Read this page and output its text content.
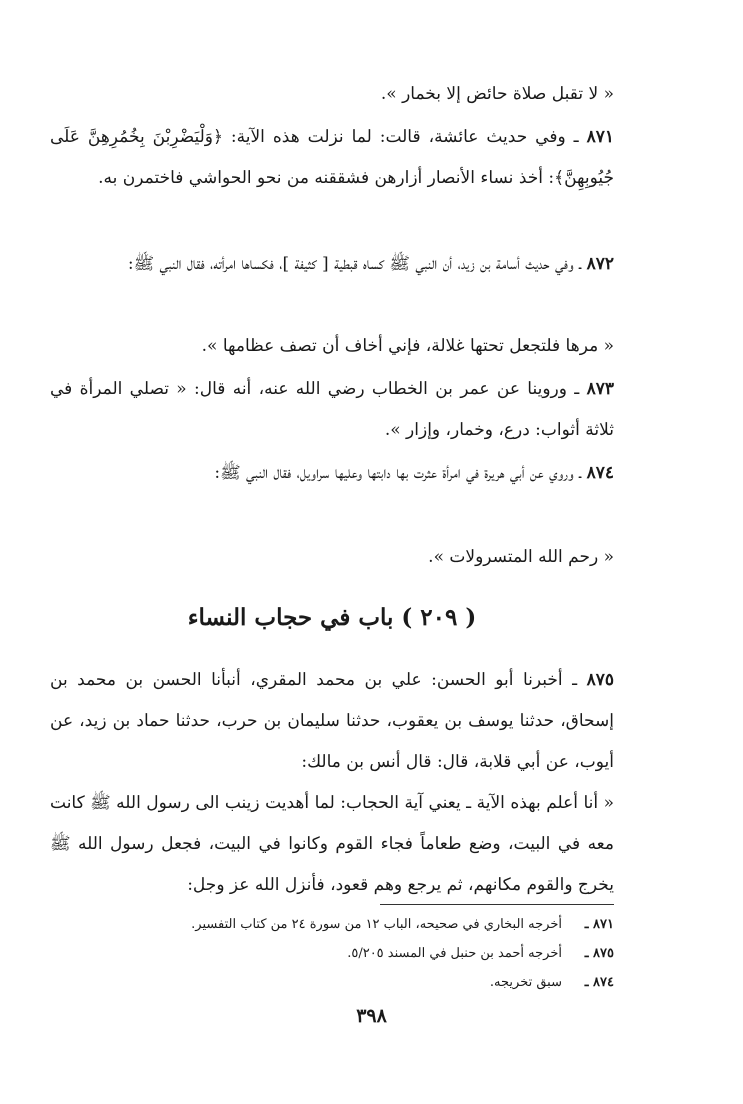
« لا تقبل صلاة حائض إلا بخمار ».
٨٧١ ـ وفي حديث عائشة، قالت: لما نزلت هذه الآية: ﴿وَلْيَضْرِبْنَ بِخُمُرِهِنَّ عَلَى جُيُوبِهِنَّ﴾: أخذ نساء الأنصار أزارهن فشققنه من نحو الحواشي فاختمرن به.
٨٧٢ ـ وفي حديث أسامة بن زيد، أن النبي ﷺ كساه قبطية [ كثيفة ]، فكساها امرأته، فقال النبي ﷺ:
« مرها فلتجعل تحتها غلالة، فإني أخاف أن تصف عظامها ».
٨٧٣ ـ وروينا عن عمر بن الخطاب رضي الله عنه، أنه قال: « تصلي المرأة في ثلاثة أثواب: درع، وخمار، وإزار ».
٨٧٤ ـ وروي عن أبي هريرة في امرأة عثرت بها دابتها وعليها سراويل، فقال النبي ﷺ:
« رحم الله المتسرولات ».
( ٢٠٩ ) باب في حجاب النساء
٨٧٥ ـ أخبرنا أبو الحسن: علي بن محمد المقري، أنبأنا الحسن بن محمد بن إسحاق، حدثنا يوسف بن يعقوب، حدثنا سليمان بن حرب، حدثنا حماد بن زيد، عن أيوب، عن أبي قلابة، قال: قال أنس بن مالك:
« أنا أعلم بهذه الآية ـ يعني آية الحجاب: لما أهديت زينب الى رسول الله ﷺ كانت معه في البيت، وضع طعاماً فجاء القوم وكانوا في البيت، فجعل رسول الله ﷺ يخرج والقوم مكانهم، ثم يرجع وهم قعود، فأنزل الله عز وجل:
٨٧١ ـ
أخرجه البخاري في صحيحه، الباب ١٢ من سورة ٢٤ من كتاب التفسير.
٨٧٥ ـ
أخرجه أحمد بن حنبل في المسند ٥/٢٠٥.
٨٧٤ ـ
سبق تخريجه.
٣٩٨
